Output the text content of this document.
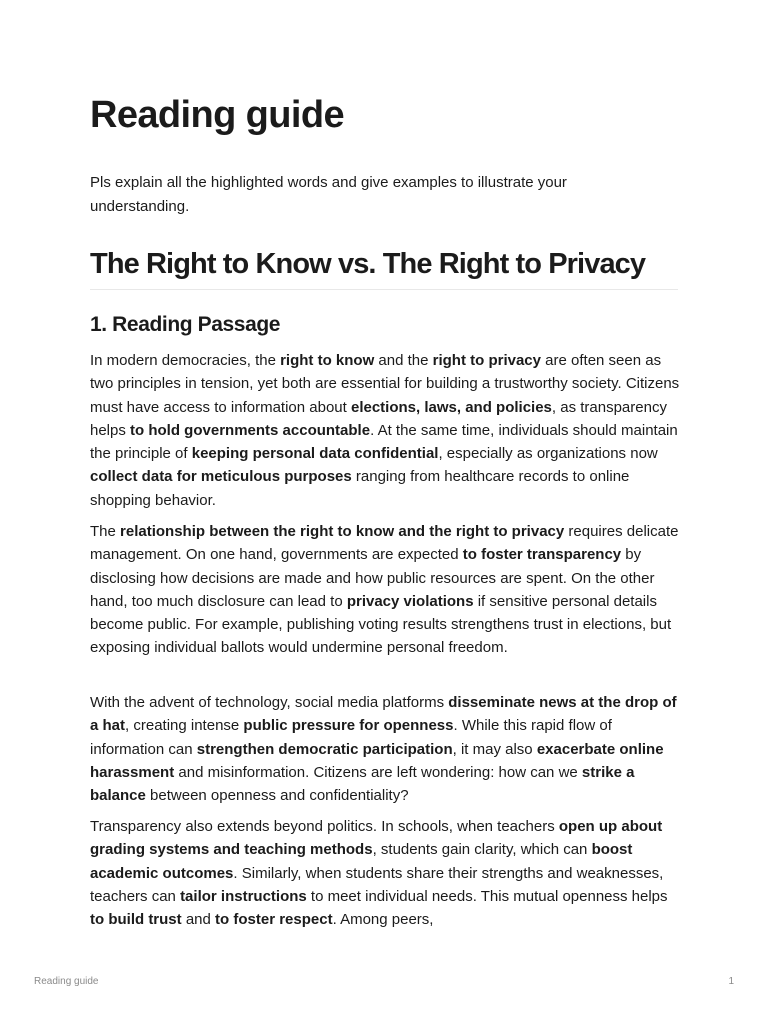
Reading guide

Pls explain all the highlighted words and give examples to illustrate your understanding.

The Right to Know vs. The Right to Privacy
1. Reading Passage

In modern democracies, the right to know and the right to privacy are often seen as two principles in tension, yet both are essential for building a trustworthy society. Citizens must have access to information about elections, laws, and policies, as transparency helps to hold governments accountable. At the same time, individuals should maintain the principle of keeping personal data confidential, especially as organizations now collect data for meticulous purposes ranging from healthcare records to online shopping behavior.

The relationship between the right to know and the right to privacy requires delicate management. On one hand, governments are expected to foster transparency by disclosing how decisions are made and how public resources are spent. On the other hand, too much disclosure can lead to privacy violations if sensitive personal details become public. For example, publishing voting results strengthens trust in elections, but exposing individual ballots would undermine personal freedom.

With the advent of technology, social media platforms disseminate news at the drop of a hat, creating intense public pressure for openness. While this rapid flow of information can strengthen democratic participation, it may also exacerbate online harassment and misinformation. Citizens are left wondering: how can we strike a balance between openness and confidentiality?

Transparency also extends beyond politics. In schools, when teachers open up about grading systems and teaching methods, students gain clarity, which can boost academic outcomes. Similarly, when students share their strengths and weaknesses, teachers can tailor instructions to meet individual needs. This mutual openness helps to build trust and to foster respect. Among peers,

Reading guide	1
